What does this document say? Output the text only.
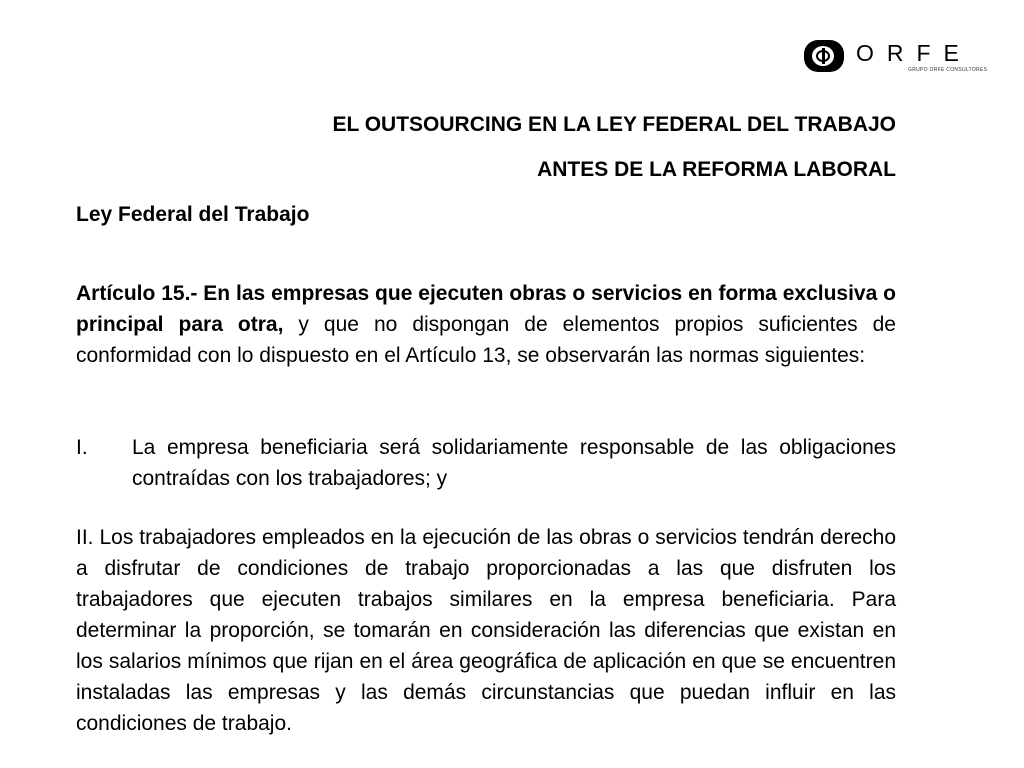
ORFE
GRUPO ORFE CONSULTORES
EL OUTSOURCING EN LA LEY FEDERAL DEL TRABAJO
ANTES DE LA REFORMA LABORAL
Ley Federal del Trabajo

Artículo 15.- En las empresas que ejecuten obras o servicios en forma exclusiva o principal para otra, y que no dispongan de elementos propios suficientes de conformidad con lo dispuesto en el Artículo 13, se observarán las normas siguientes:

I. La empresa beneficiaria será solidariamente responsable de las obligaciones contraídas con los trabajadores; y

II. Los trabajadores empleados en la ejecución de las obras o servicios tendrán derecho a disfrutar de condiciones de trabajo proporcionadas a las que disfruten los trabajadores que ejecuten trabajos similares en la empresa beneficiaria. Para determinar la proporción, se tomarán en consideración las diferencias que existan en los salarios mínimos que rijan en el área geográfica de aplicación en que se encuentren instaladas las empresas y las demás circunstancias que puedan influir en las condiciones de trabajo.
